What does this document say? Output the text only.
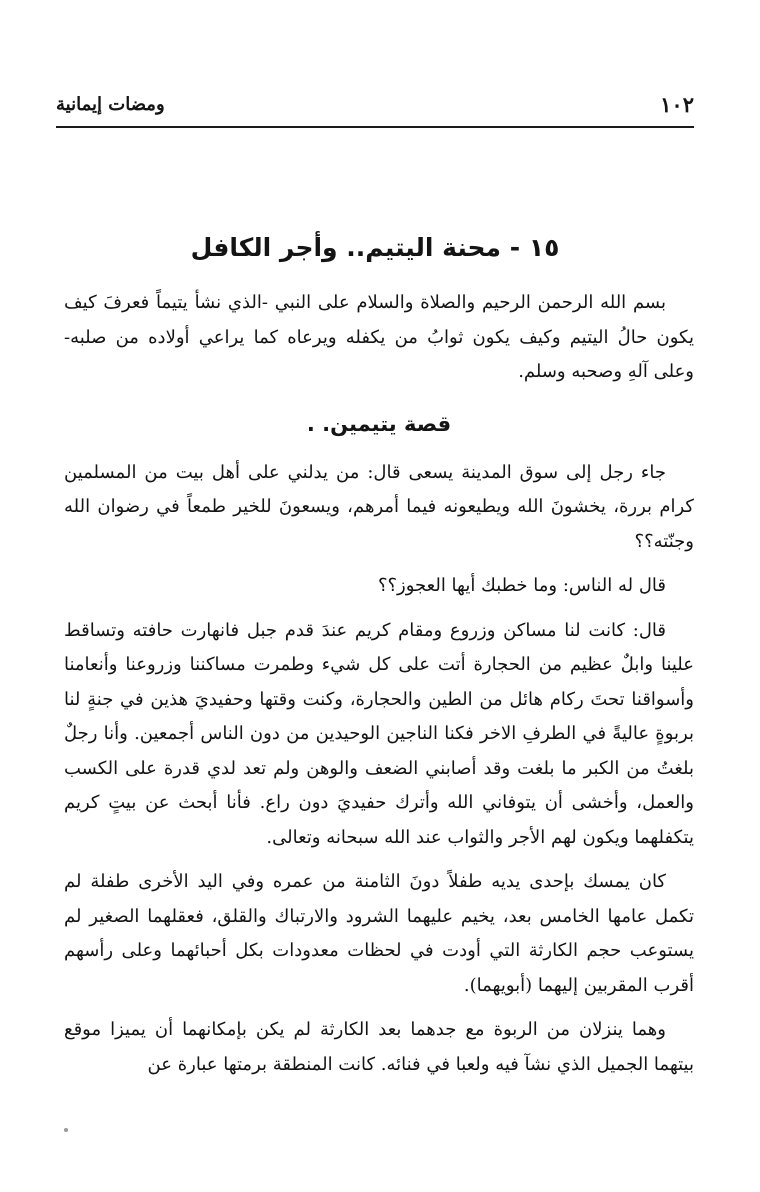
١٠٢
ومضات إيمانية
١٥ - محنة اليتيم.. وأجر الكافل

بسم الله الرحمن الرحيم والصلاة والسلام على النبي -الذي نشأ يتيماً فعرفَ كيف يكون حالُ اليتيم وكيف يكون ثوابُ من يكفله ويرعاه كما يراعي أولاده من صلبه- وعلى آلهِ وصحبه وسلم.

قصة يتيمين. .

جاء رجل إلى سوق المدينة يسعى قال: من يدلني على أهل بيت من المسلمين كرام بررة، يخشونَ الله ويطيعونه فيما أمرهم، ويسعونَ للخير طمعاً في رضوان الله وجنّته؟؟

قال له الناس: وما خطبك أيها العجوز؟؟

قال: كانت لنا مساكن وزروع ومقام كريم عندَ قدم جبل فانهارت حافته وتساقط علينا وابلٌ عظيم من الحجارة أتت على كل شيء وطمرت مساكننا وزروعنا وأنعامنا وأسواقنا تحتَ ركام هائل من الطين والحجارة، وكنت وقتها وحفيديَ هذين في جنةٍ لنا بربوةٍ عاليةً في الطرفِ الاخر فكنا الناجين الوحيدين من دون الناس أجمعين. وأنا رجلٌ بلغتُ من الكبر ما بلغت وقد أصابني الضعف والوهن ولم تعد لدي قدرة على الكسب والعمل، وأخشى أن يتوفاني الله وأترك حفيديَ دون راع. فأنا أبحث عن بيتٍ كريم يتكفلهما ويكون لهم الأجر والثواب عند الله سبحانه وتعالى.

كان يمسك بإحدى يديه طفلاً دونَ الثامنة من عمره وفي اليد الأخرى طفلة لم تكمل عامها الخامس بعد، يخيم عليهما الشرود والارتباك والقلق، فعقلهما الصغير لم يستوعب حجم الكارثة التي أودت في لحظات معدودات بكل أحبائهما وعلى رأسهم أقرب المقربين إليهما (أبويهما).

وهما ينزلان من الربوة مع جدهما بعد الكارثة لم يكن بإمكانهما أن يميزا موقع بيتهما الجميل الذي نشآ فيه ولعبا في فنائه. كانت المنطقة برمتها عبارة عن
